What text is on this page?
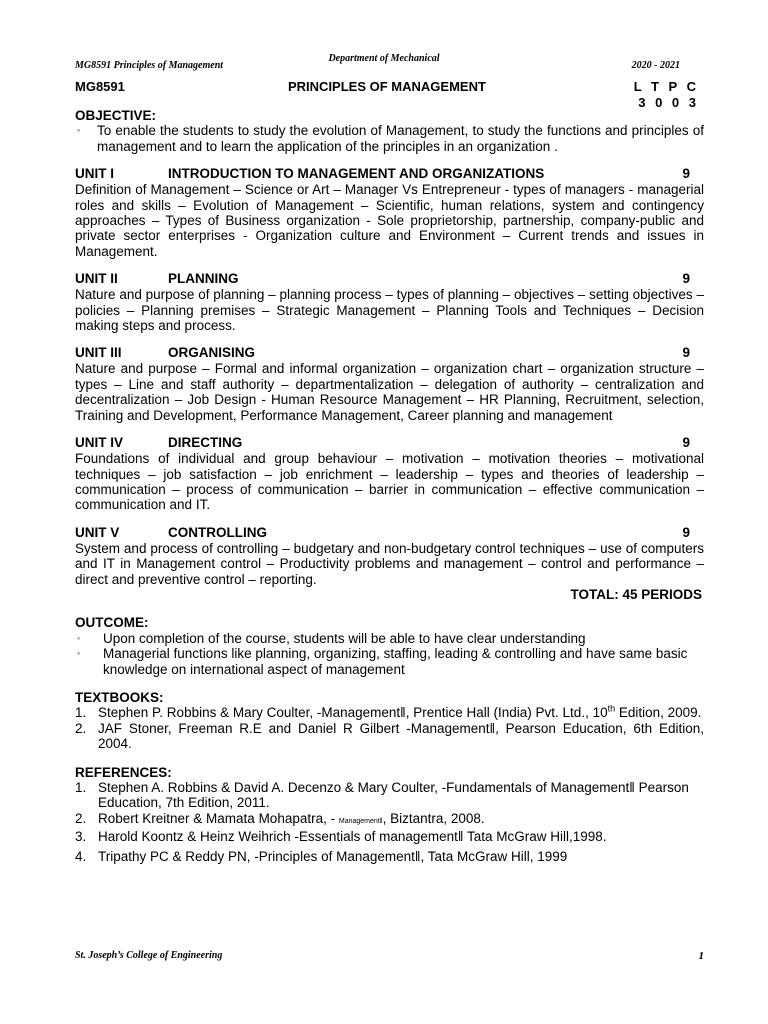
Department of Mechanical
MG8591 Principles of Management	2020 - 2021
MG8591	PRINCIPLES OF MANAGEMENT	L T P C
3 0 0 3

OBJECTIVE:

◦ To enable the students to study the evolution of Management, to study the functions and principles of management and to learn the application of the principles in an organization .

UNIT I	INTRODUCTION TO MANAGEMENT AND ORGANIZATIONS	9

Definition of Management – Science or Art – Manager Vs Entrepreneur - types of managers - managerial roles and skills – Evolution of Management – Scientific, human relations, system and contingency approaches – Types of Business organization - Sole proprietorship, partnership, company-public and private sector enterprises - Organization culture and Environment – Current trends and issues in Management.

UNIT II	PLANNING	9

Nature and purpose of planning – planning process – types of planning – objectives – setting objectives – policies – Planning premises – Strategic Management – Planning Tools and Techniques – Decision making steps and process.

UNIT III	ORGANISING	9

Nature and purpose – Formal and informal organization – organization chart – organization structure – types – Line and staff authority – departmentalization – delegation of authority – centralization and decentralization – Job Design - Human Resource Management – HR Planning, Recruitment, selection, Training and Development, Performance Management, Career planning and management

UNIT IV	DIRECTING	9

Foundations of individual and group behaviour – motivation – motivation theories – motivational techniques – job satisfaction – job enrichment – leadership – types and theories of leadership – communication – process of communication – barrier in communication – effective communication –communication and IT.

UNIT V	CONTROLLING	9

System and process of controlling – budgetary and non-budgetary control techniques – use of computers and IT in Management control – Productivity problems and management – control and performance – direct and preventive control – reporting.

TOTAL: 45 PERIODS

OUTCOME:

◦ Upon completion of the course, students will be able to have clear understanding

◦ Managerial functions like planning, organizing, staffing, leading & controlling and have same basic knowledge on international aspect of management

TEXTBOOKS:

1. Stephen P. Robbins & Mary Coulter, -Management‖, Prentice Hall (India) Pvt. Ltd., 10th Edition, 2009.

2. JAF Stoner, Freeman R.E and Daniel R Gilbert -Management‖, Pearson Education, 6th Edition, 2004.

REFERENCES:

1. Stephen A. Robbins & David A. Decenzo & Mary Coulter, -Fundamentals of Management‖ Pearson Education, 7th Edition, 2011.

2. Robert Kreitner & Mamata Mohapatra, - Management‖, Biztantra, 2008.

3. Harold Koontz & Heinz Weihrich -Essentials of management‖ Tata McGraw Hill,1998.

4. Tripathy PC & Reddy PN, -Principles of Management‖, Tata McGraw Hill, 1999

St. Joseph’s College of Engineering	1
